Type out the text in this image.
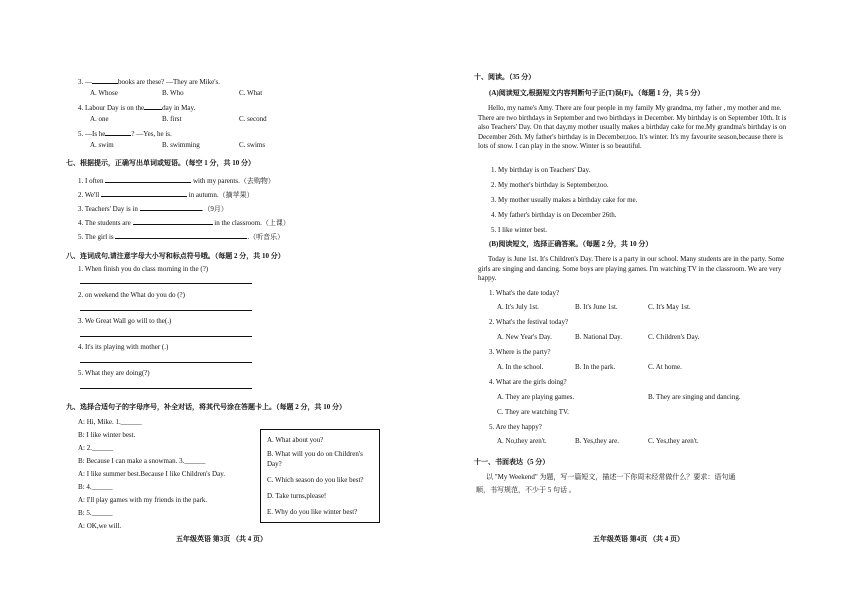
3. —	books are these? —They are Mike's.
A. Whose	B. Who	C. What
4. Labour Day is on the	day in May.
A. one	B. first	C. second
5. —Is he	? —Yes, he is.
A. swim	B. swimming	C. swims
七、根据提示，正确写出单词或短语。（每空 1 分，共 10 分）
1. I often	with my parents.（去购物）
2. We'll	in autumn.（摘苹果）
3. Teachers' Day is in	.（9月）
4. The students are	in the classroom.（上课）
5. The girl is	.（听音乐）
八、连词成句,请注意字母大小写和标点符号哦。（每题 2 分，共 10 分）
1. When finish you do class morning in the (?)
2. on weekend the What do you do (?)
3. We Great Wall go will to the(.)
4. It's its playing with mother (.)
5. What they are doing(?)
九、选择合适句子的字母序号，补全对话，将其代号涂在答题卡上。（每题 2 分，共 10 分）
A: Hi, Mike. 1.______
B: I like winter best.
A: 2.______
B: Because I can make a snowman. 3.______
A: I like summer best.Because I like Children's Day.
B: 4.______
A: I'll play games with my friends in the park.
B: 5.______
A: OK,we will.
A. What about you?
B. What will you do on Children's Day?
C. Which season do you like best?
D. Take turns,please!
E. Why do you like winter best?
五年级英语 第3页 （共 4 页）
十、阅读。（35 分）
(A)阅读短文,根据短文内容判断句子正(T)误(F)。（每题 1 分，共 5 分）
Hello, my name's Amy. There are four people in my family My grandma, my father , my mother and me. There are two birthdays in September and two birthdays in December. My birthday is on September 10th. It is also Teachers' Day. On that day,my mother usually makes a birthday cake for me.My grandma's birthday is on December 26th. My father's birthday is in December,too. It's winter. It's my favourite season,because there is lots of snow. I can play in the snow. Winter is so beautiful.
1. My birthday is on Teachers' Day.
2. My mother's birthday is September,too.
3. My mother usually makes a birthday cake for me.
4. My father's birthday is on December 26th.
5. I like winter best.
(B)阅读短文，选择正确答案。（每题 2 分，共 10 分）
Today is June 1st. It's Children's Day. There is a party in our school. Many students are in the party. Some girls are singing and dancing. Some boys are playing games. I'm watching TV in the classroom. We are very happy.
1. What's the date today?
A. It's July 1st.	B. It's June 1st.	C. It's May 1st.
2. What's the festival today?
A. New Year's Day.	B. National Day.	C. Children's Day.
3. Where is the party?
A. In the school.	B. In the park.	C. At home.
4. What are the girls doing?
A. They are playing games.	B. They are singing and dancing.
C. They are watching TV.
5. Are they happy?
A. No,they aren't.	B. Yes,they are.	C. Yes,they aren't.
十一、书面表达（5 分）
以 "My Weekend" 为题，写一篇短文，描述一下你周末经常做什么？要求：语句通
顺，书写规范，不少于 5 句话 。
五年级英语 第4页 （共 4 页）
